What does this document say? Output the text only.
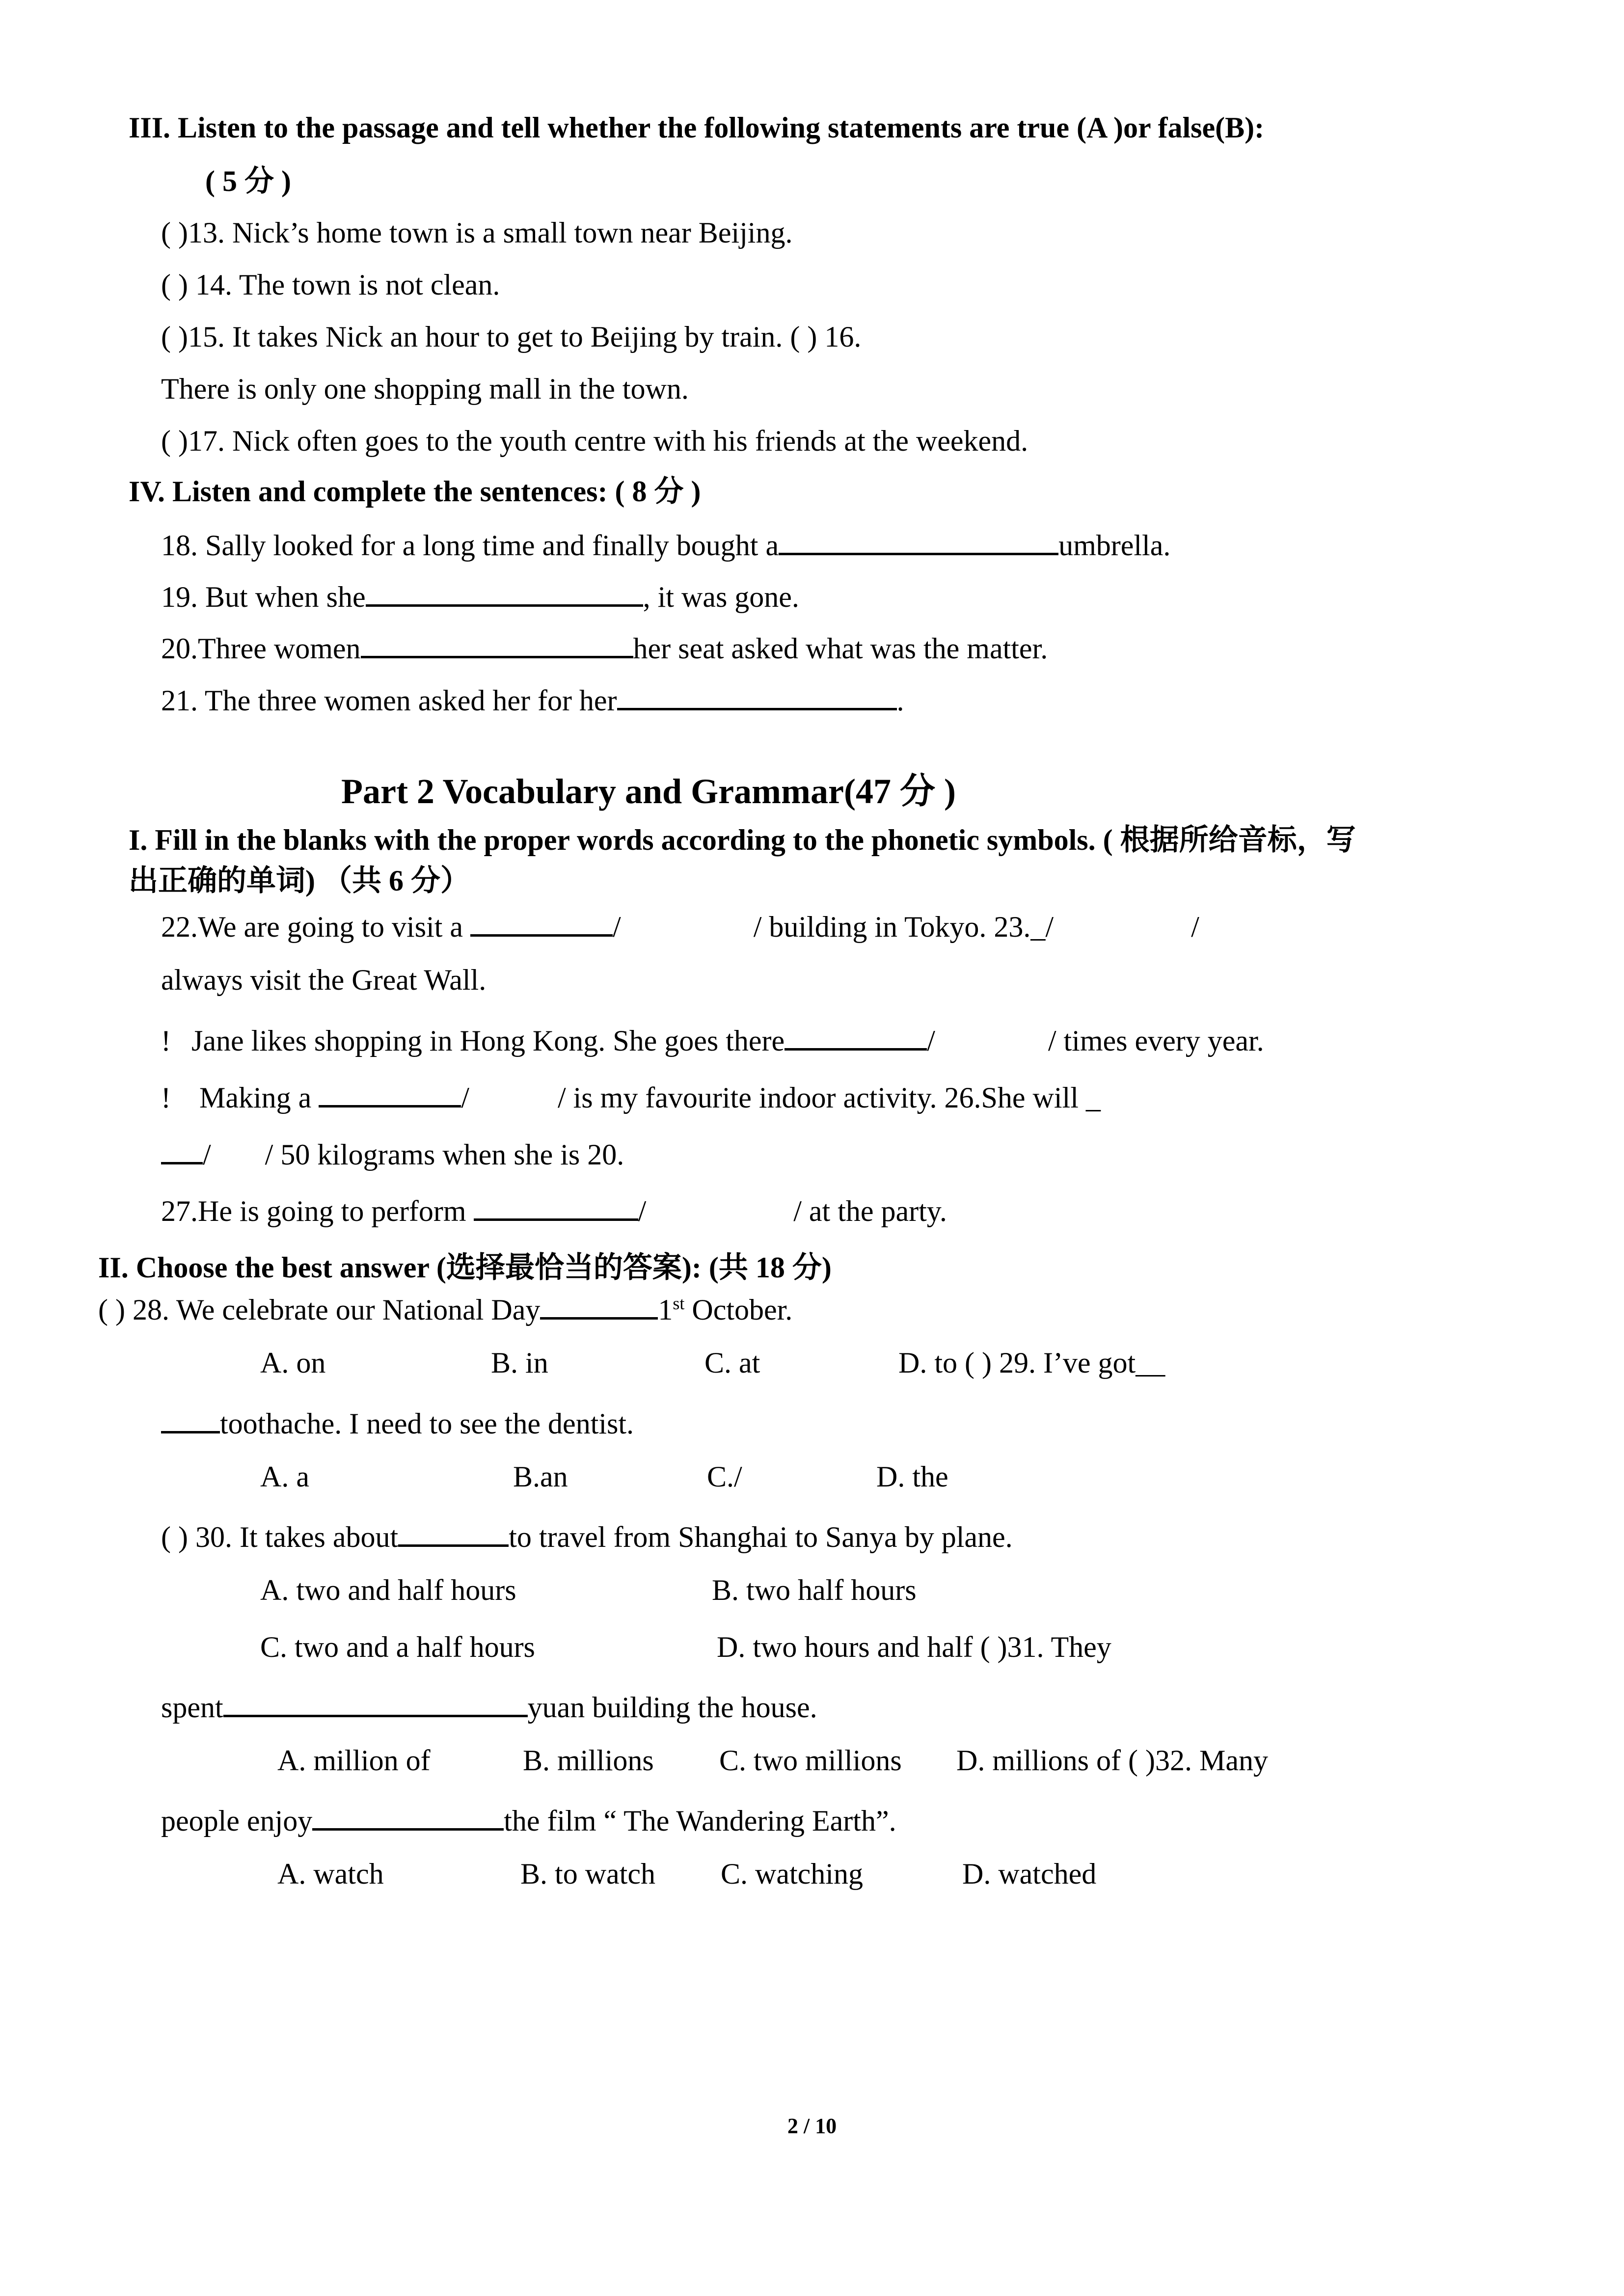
III. Listen to the passage and tell whether the following statements are true (A )or false(B):
( 5 分 )
( )13. Nick’s home town is a small town near Beijing.
( ) 14. The town is not clean.
( )15. It takes Nick an hour to get to Beijing by train. ( ) 16.
There is only one shopping mall in the town.
( )17. Nick often goes to the youth centre with his friends at the weekend.
IV. Listen and complete the sentences: ( 8 分 )
18. Sally looked for a long time and finally bought a	umbrella.
19. But when she	, it was gone.
20.Three women	her seat asked what was the matter.
21. The three women asked her for her	.
Part 2 Vocabulary and Grammar(47 分 )
I. Fill in the blanks with the proper words according to the phonetic symbols. ( 根据所给音标，写
出正确的单词) （共 6 分）
22.We are going to visit a	/	/ building in Tokyo. 23._/	/
always visit the Great Wall.
! Jane likes shopping in Hong Kong. She goes there	/	/ times every year.
! Making a	/	/ is my favourite indoor activity. 26.She will _
/ / 50 kilograms when she is 20.
27.He is going to perform	/	/ at the party.
II. Choose the best answer (选择最恰当的答案): (共 18 分)
( ) 28. We celebrate our National Day	1st October.
A. on	B. in	C. at	D. to ( ) 29. I’ve got__
toothache. I need to see the dentist.
A. a	B.an	C./	D. the
( ) 30. It takes about	to travel from Shanghai to Sanya by plane.
A. two and half hours	B. two half hours
C. two and a half hours	D. two hours and half ( )31. They
spent	yuan building the house.
A. million of	B. millions C. two millions D. millions of ( )32. Many
people enjoy	the film “ The Wandering Earth”.
A. watch	B. to watch C. watching	D. watched
2 / 10
